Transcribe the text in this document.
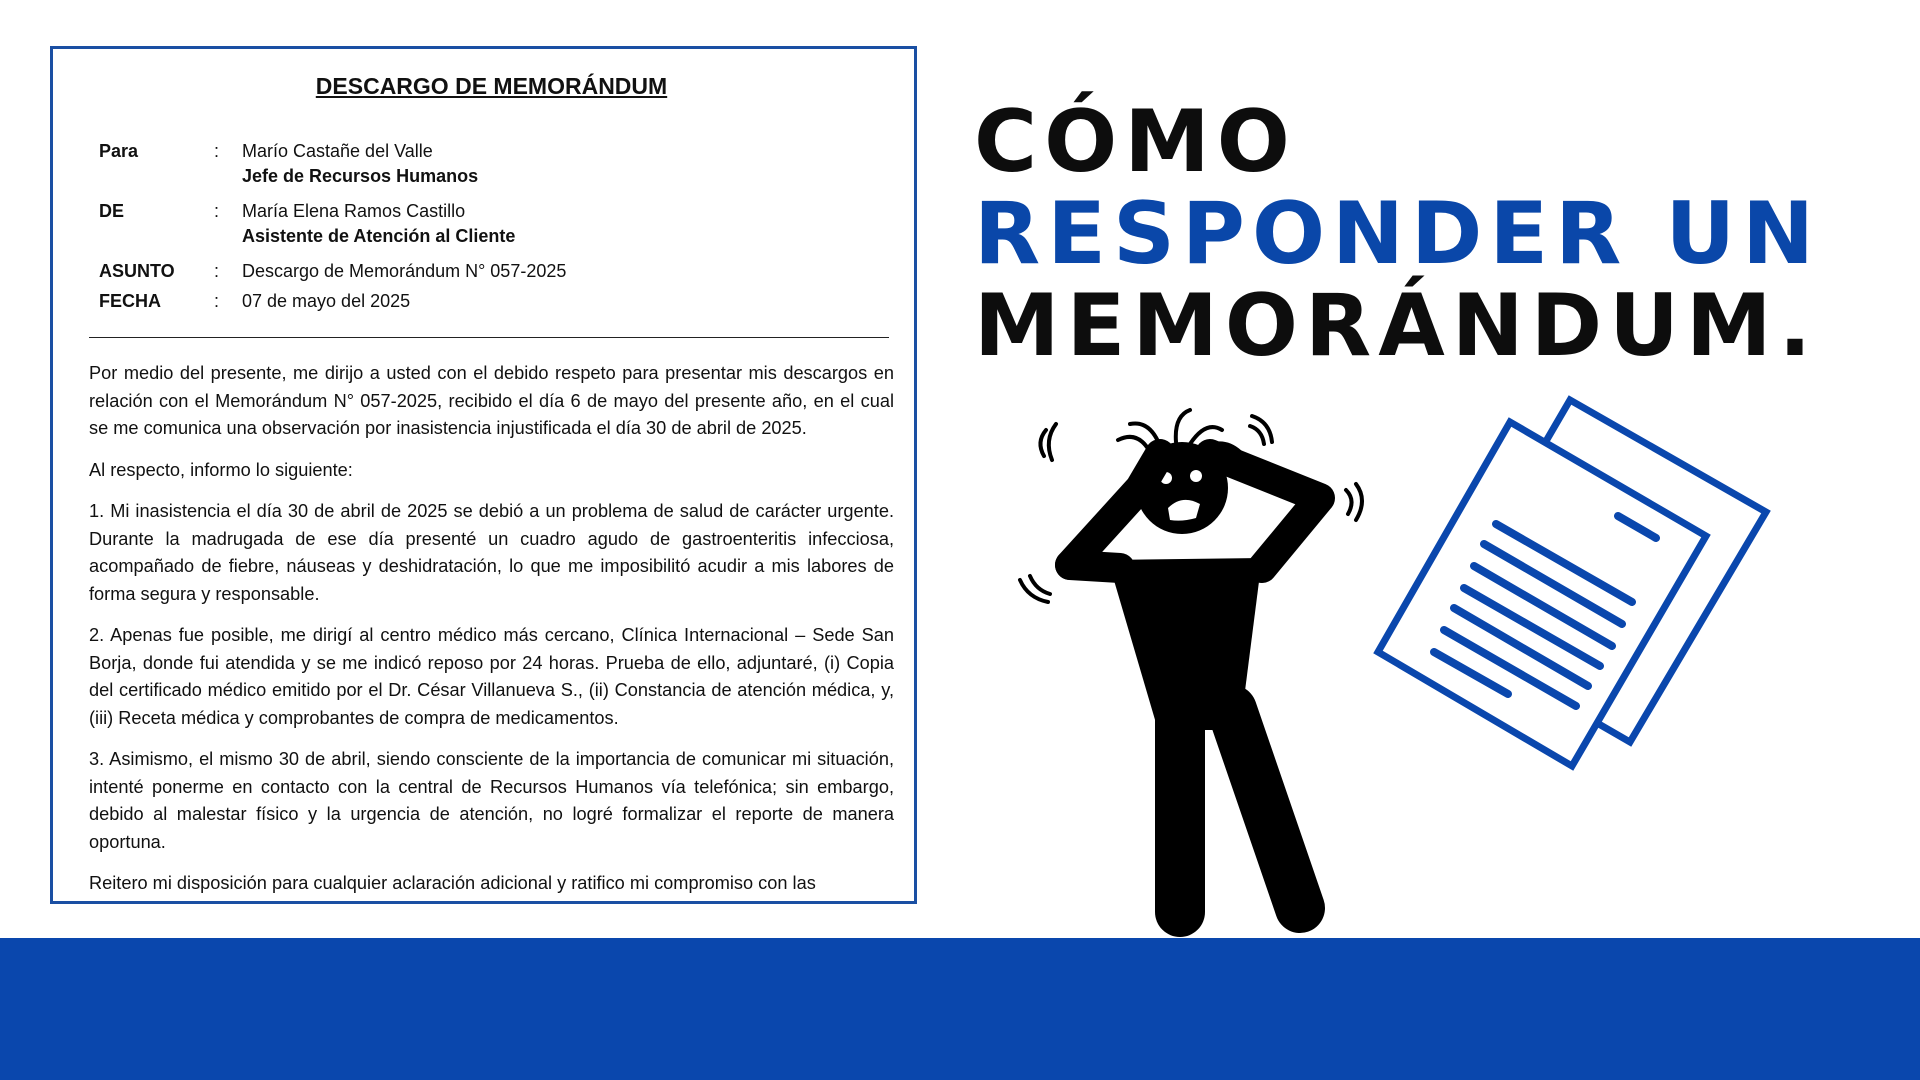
DESCARGO DE MEMORÁNDUM
Para	: Marío Castañe del Valle
Jefe de Recursos Humanos
DE	: María Elena Ramos Castillo
Asistente de Atención al Cliente
ASUNTO : Descargo de Memorándum N° 057-2025
FECHA	: 07 de mayo del 2025

Por medio del presente, me dirijo a usted con el debido respeto para presentar mis descargos en relación con el Memorándum N° 057-2025, recibido el día 6 de mayo del presente año, en el cual se me comunica una observación por inasistencia injustificada el día 30 de abril de 2025.

Al respecto, informo lo siguiente:

1. Mi inasistencia el día 30 de abril de 2025 se debió a un problema de salud de carácter urgente. Durante la madrugada de ese día presenté un cuadro agudo de gastroenteritis infecciosa, acompañado de fiebre, náuseas y deshidratación, lo que me imposibilitó acudir a mis labores de forma segura y responsable.

2. Apenas fue posible, me dirigí al centro médico más cercano, Clínica Internacional – Sede San Borja, donde fui atendida y se me indicó reposo por 24 horas. Prueba de ello, adjuntaré, (i) Copia del certificado médico emitido por el Dr. César Villanueva S., (ii) Constancia de atención médica, y, (iii) Receta médica y comprobantes de compra de medicamentos.

3. Asimismo, el mismo 30 de abril, siendo consciente de la importancia de comunicar mi situación, intenté ponerme en contacto con la central de Recursos Humanos vía telefónica; sin embargo, debido al malestar físico y la urgencia de atención, no logré formalizar el reporte de manera oportuna.

Reitero mi disposición para cualquier aclaración adicional y ratifico mi compromiso con las

CÓMO
RESPONDER UN
MEMORÁNDUM.
